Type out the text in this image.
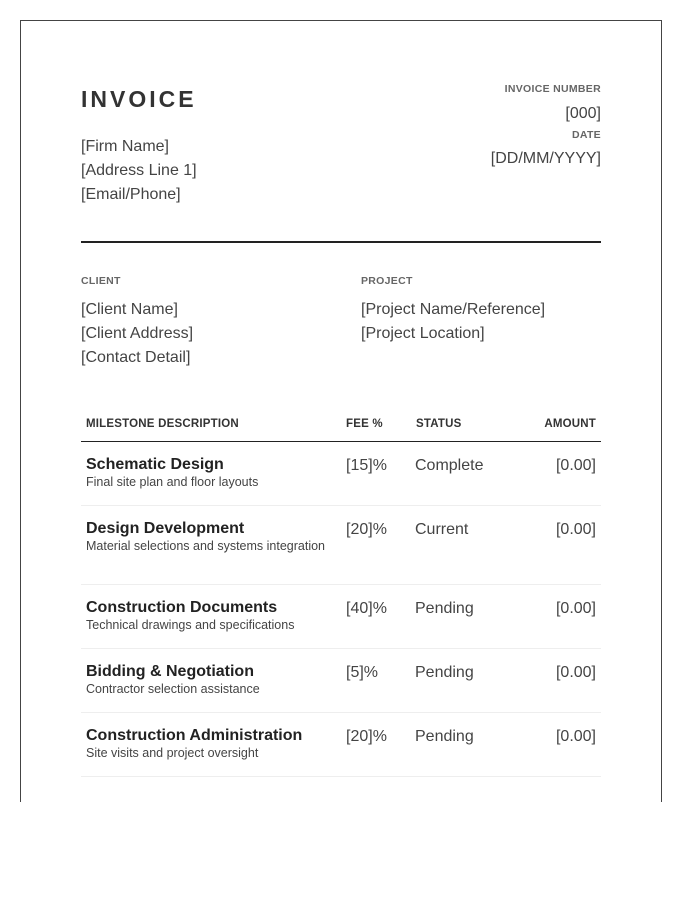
INVOICE
[Firm Name]
[Address Line 1]
[Email/Phone]
INVOICE NUMBER
[000]
DATE
[DD/MM/YYYY]
CLIENT
[Client Name]
[Client Address]
[Contact Detail]
PROJECT
[Project Name/Reference]
[Project Location]
MILESTONE DESCRIPTION	FEE %	STATUS	AMOUNT
Schematic Design
Final site plan and floor layouts
[15]% Complete	[0.00]
Design Development
Material selections and systems integration
[20]% Current	[0.00]
Construction Documents
Technical drawings and specifications
[40]% Pending	[0.00]
Bidding & Negotiation
Contractor selection assistance
[5]% Pending	[0.00]
Construction Administration
Site visits and project oversight
[20]% Pending	[0.00]
